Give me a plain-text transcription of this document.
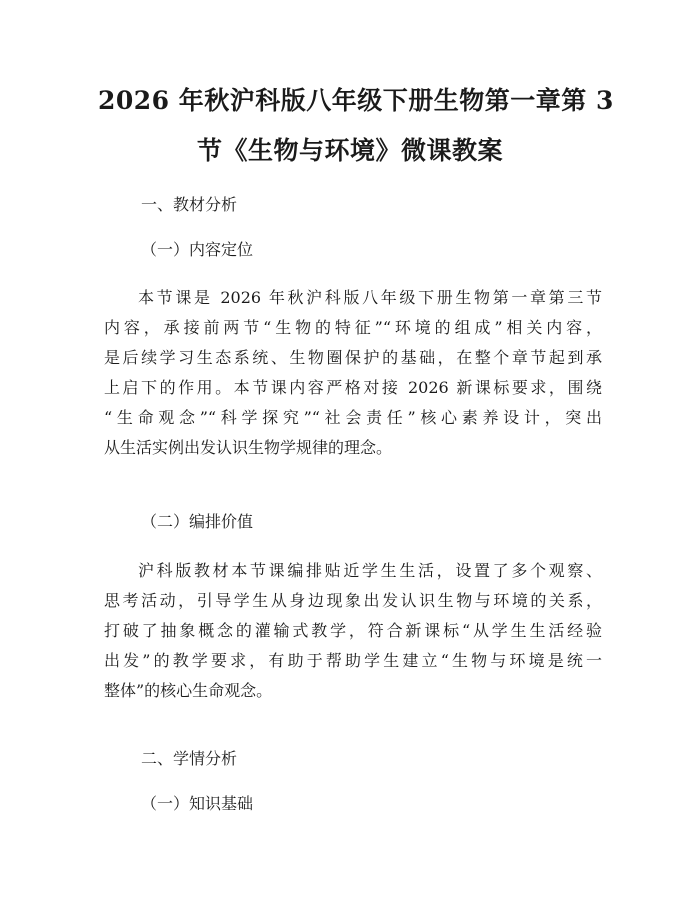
2026 年秋沪科版八年级下册生物第一章第 3
节《生物与环境》微课教案
一、教材分析
（一）内容定位
本节课是 2026 年秋沪科版八年级下册生物第一章第三节
内容，承接前两节“生物的特征”“环境的组成”相关内容，
是后续学习生态系统、生物圈保护的基础，在整个章节起到承
上启下的作用。本节课内容严格对接 2026 新课标要求，围绕
“生命观念”“科学探究”“社会责任”核心素养设计，突出
从生活实例出发认识生物学规律的理念。
（二）编排价值
沪科版教材本节课编排贴近学生生活，设置了多个观察、
思考活动，引导学生从身边现象出发认识生物与环境的关系，
打破了抽象概念的灌输式教学，符合新课标“从学生生活经验
出发”的教学要求，有助于帮助学生建立“生物与环境是统一
整体”的核心生命观念。
二、学情分析
（一）知识基础
